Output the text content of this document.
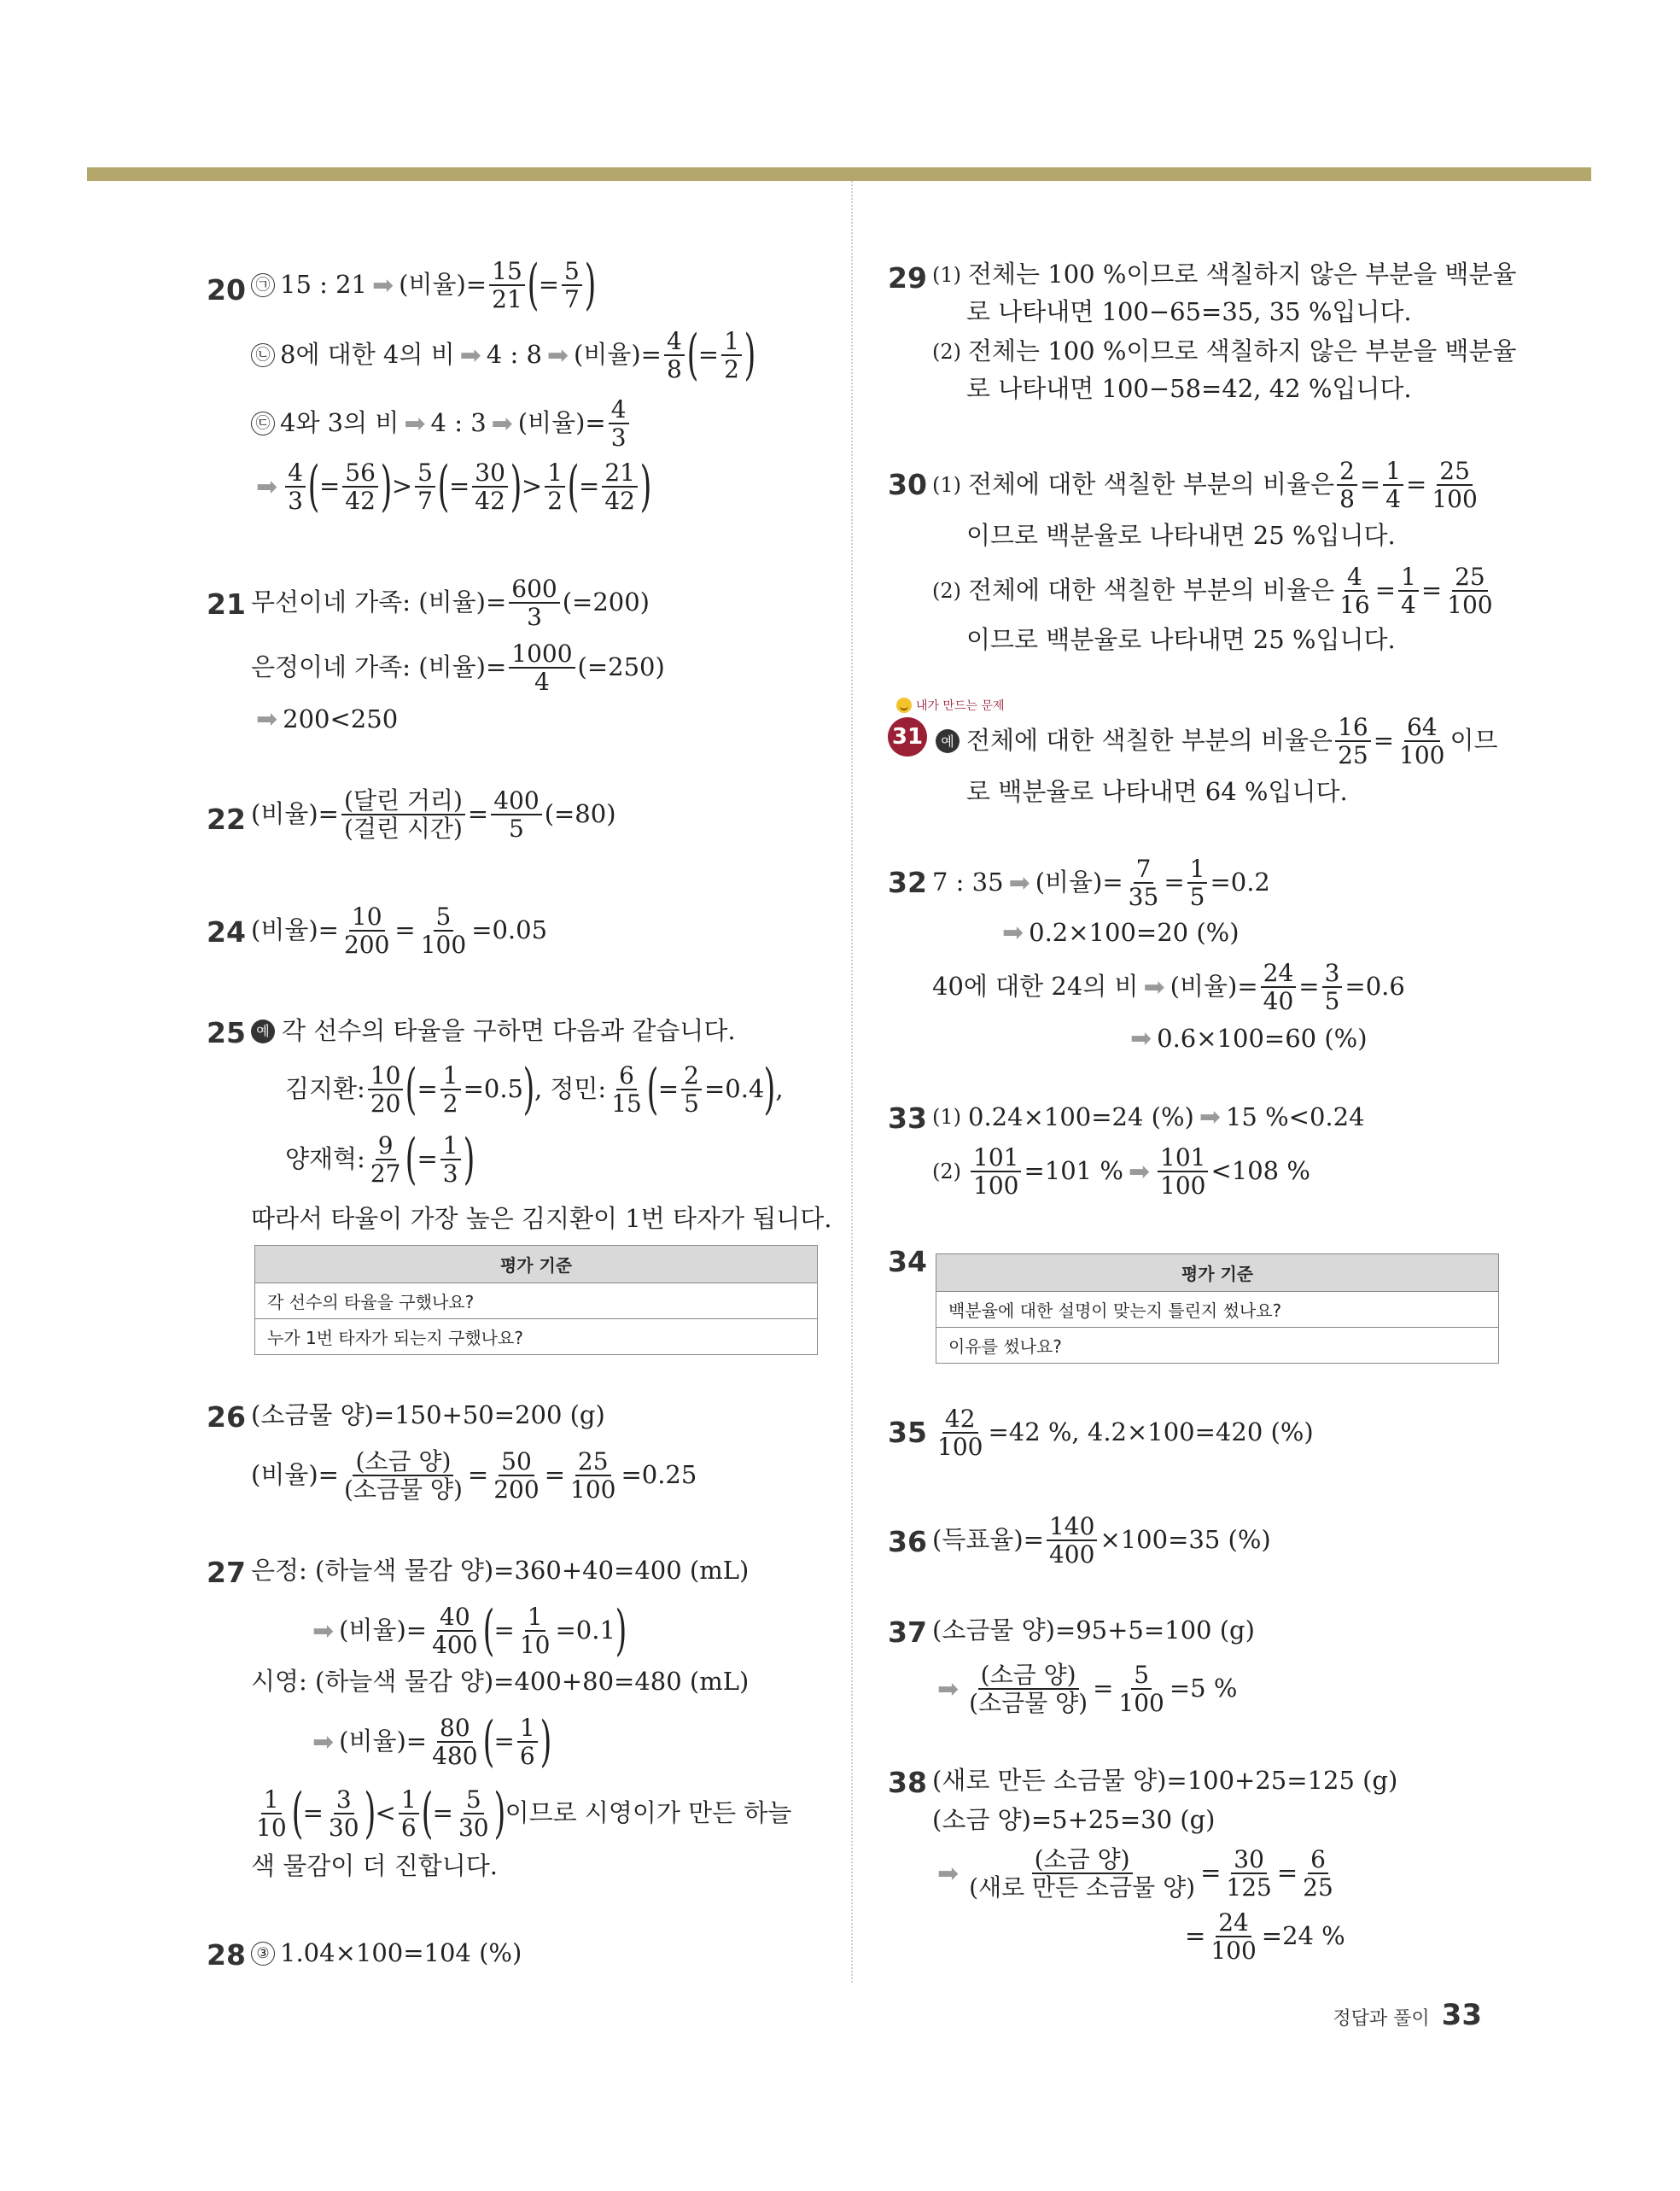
20 ㉠ 15 : 21 ➡ (비율)= $\frac{15}{21}$ ( = $\frac{5}{7}$ )
㉡ 8에 대한 4의 비 ➡ 4 : 8 ➡ (비율)= $\frac{4}{8}$ ( = $\frac{1}{2}$ )
㉢ 4와 3의 비 ➡ 4 : 3 ➡ (비율)= $\frac{4}{3}$
➡ $\frac{4}{3}$ ( = $\frac{56}{42}$ ) > $\frac{5}{7}$ ( = $\frac{30}{42}$ ) > $\frac{1}{2}$ ( = $\frac{21}{42}$ )
21 무선이네 가족: (비율)= $\frac{600}{3} (=200)$
은정이네 가족: (비율)= $\frac{1000}{4} (=250)$
➡ 200<250
22 (비율)= $\frac{\text{(달린 거리)}}{\text{(걸린 시간)}} = \frac{400}{5} (=80)$
24 (비율)= $\frac{10}{200} = \frac{5}{100} =0.05$
25 예 각 선수의 타율을 구하면 다음과 같습니다.
김지환: $\frac{10}{20}$ ( = $\frac{1}{2} =0.5$ ) ,
정민: $\frac{6}{15}$ ( = $\frac{2}{5} =0.4$ ) ,
양재혁: $\frac{9}{27}$ ( = $\frac{1}{3}$ )
따라서 타율이 가장 높은 김지환이 1번 타자가 됩니다.
평가 기준
각 선수의 타율을 구했나요?
누가 1번 타자가 되는지 구했나요?
26 (소금물 양)=150+50=200 (g)
(비율)= $\frac{\text{(소금 양)}}{\text{(소금물 양)}} = \frac{50}{200} = \frac{25}{100} =0.25$
27 은정: (하늘색 물감 양)=360+40=400 (mL)
➡ (비율)= $\frac{40}{400}$ ( = $\frac{1}{10} =0.1$ )
시영: (하늘색 물감 양)=400+80=480 (mL)
➡ (비율)= $\frac{80}{480}$ ( = $\frac{1}{6}$ )
$\frac{1}{10}$ ( = $\frac{3}{30}$ ) < $\frac{1}{6}$ ( = $\frac{5}{30}$ ) 이므로 시영이가 만든 하늘
색 물감이 더 진합니다.
28 ③ 1.04×100=104 (%)
29 (1) 전체는 100 %이므로 색칠하지 않은 부분을 백분율
로 나타내면 100−65=35, 35 %입니다.
(2) 전체는 100 %이므로 색칠하지 않은 부분을 백분율
로 나타내면 100−58=42, 42 %입니다.
30 (1) 전체에 대한 색칠한 부분의 비율은 $\frac{2}{8} = \frac{1}{4} = \frac{25}{100}$
이므로 백분율로 나타내면 25 %입니다.
(2) 전체에 대한 색칠한 부분의 비율은 $\frac{4}{16} = \frac{1}{4} = \frac{25}{100}$
이므로 백분율로 나타내면 25 %입니다.
내가 만드는 문제
31	예 전체에 대한 색칠한 부분의 비율은 $\frac{16}{25} = \frac{64}{100}$ 이므
로 백분율로 나타내면 64 %입니다.
32 7 : 35 ➡ (비율)= $\frac{7}{35} = \frac{1}{5} =0.2$
➡ 0.2×100=20 (%)
40에 대한 24의 비 ➡ (비율)= $\frac{24}{40} = \frac{3}{5} =0.6$
➡ 0.6×100=60 (%)
33 (1) 0.24×100=24 (%) ➡ 15 %<0.24
$(2) \frac{101}{100} =101$ % ➡ $\frac{101}{100} <108$ %
34	평가 기준
백분율에 대한 설명이 맞는지 틀린지 썼나요?
이유를 썼나요?
$35 \frac{42}{100} =42$ %, 4.2×100=420 (%)
36 (득표율)= $\frac{140}{400} \times 100=35$ (%)
37 (소금물 양)=95+5=100 (g)
➡ $\frac{\text{(소금 양)}}{\text{(소금물 양)}} = \frac{5}{100} =5$ %
38 (새로 만든 소금물 양)=100+25=125 (g)
(소금 양)=5+25=30 (g)
➡ $\frac{\text{(소금 양)}}{\text{(새로 만든 소금물 양)}} = \frac{30}{125} = \frac{6}{25}$
= $\frac{24}{100} =24$ %
정답과 풀이 33
